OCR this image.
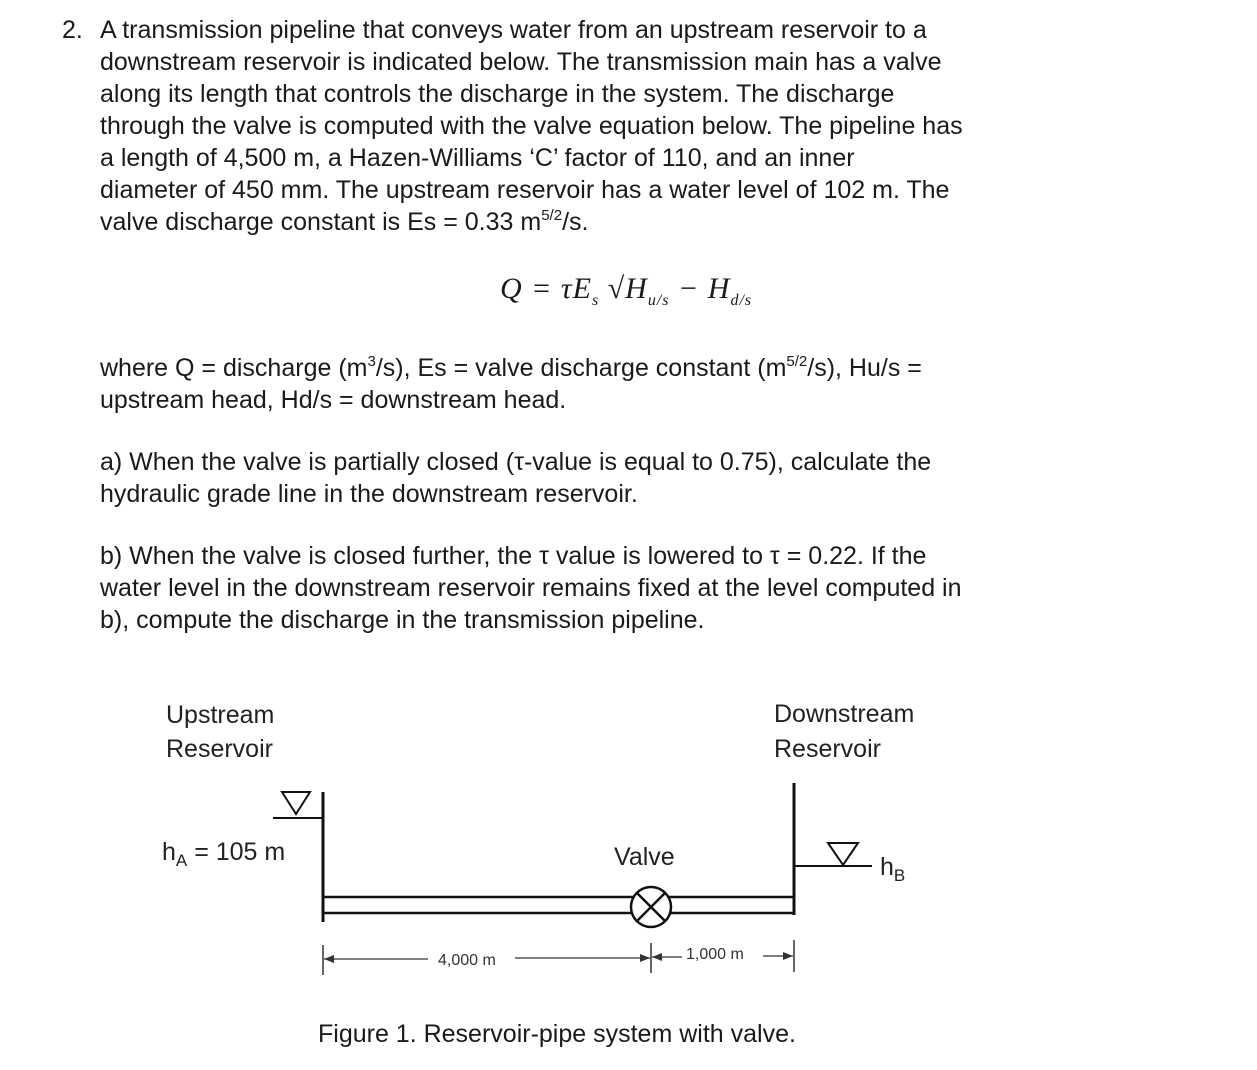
2. A transmission pipeline that conveys water from an upstream reservoir to a
downstream reservoir is indicated below. The transmission main has a valve
along its length that controls the discharge in the system. The discharge
through the valve is computed with the valve equation below. The pipeline has
a length of 4,500 m, a Hazen-Williams ‘C’ factor of 110, and an inner
diameter of 450 mm. The upstream reservoir has a water level of 102 m. The
valve discharge constant is Es = 0.33 $m^{5/2}/s$.
$Q = \tau E_s$ $√H_{u/s} - H_{d/s}$
where Q = discharge $(m^3/s)$, Es = valve discharge constant $(m^{5/2}/s)$, Hu/s =
upstream head, Hd/s = downstream head.
a) When the valve is partially closed (τ-value is equal to 0.75), calculate the
hydraulic grade line in the downstream reservoir.
b) When the valve is closed further, the τ value is lowered to τ = 0.22. If the
water level in the downstream reservoir remains fixed at the level computed in
b), compute the discharge in the transmission pipeline.
Upstream
Reservoir
Downstream
Reservoir
$h_A = 105$ m	Valve	$h_B$
4,000 m	1,000 m
Figure 1. Reservoir-pipe system with valve.
